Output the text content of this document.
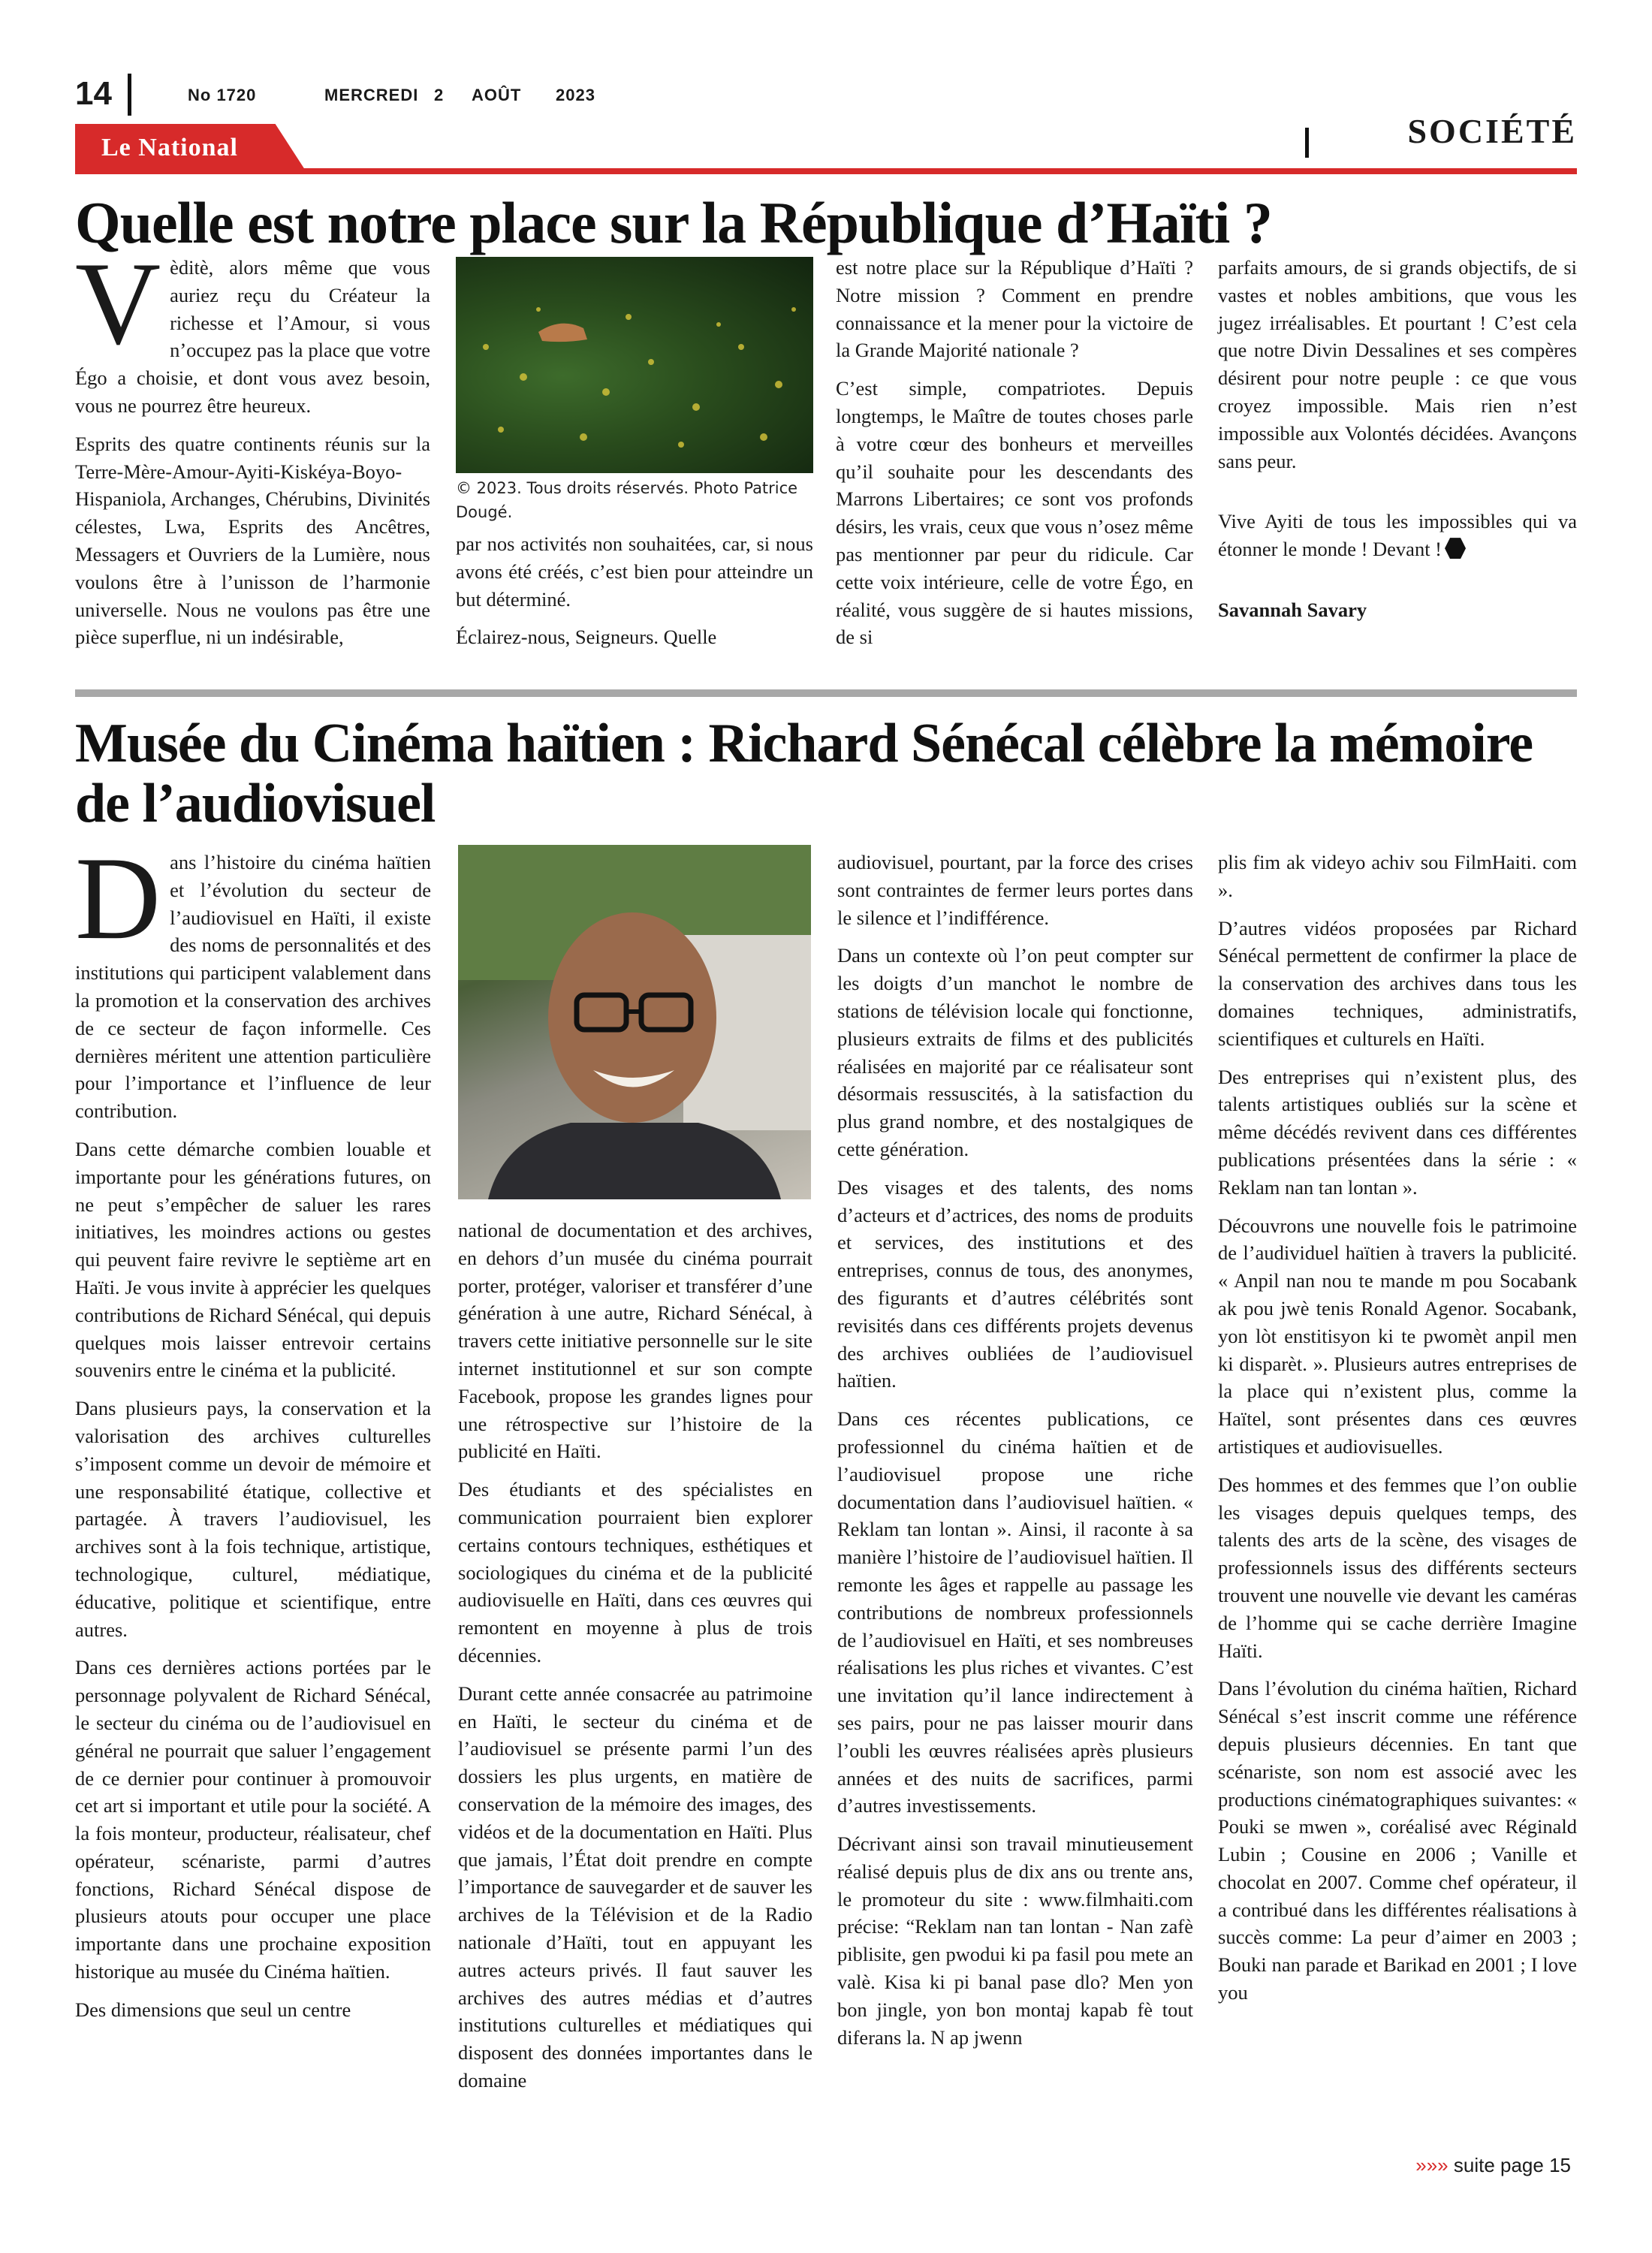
14	No 1720	MERCREDI 2 AOÛT 2023
SOCIÉTÉ
Le National
Quelle est notre place sur la République d’Haïti ?

Vèditè, alors même que vous auriez reçu du Créateur la richesse et l’Amour, si vous n’occupez pas la place que votre Égo a choisie, et dont vous avez besoin, vous ne pourrez être heureux.

Esprits des quatre continents réunis sur la Terre-Mère-Amour-Ayiti-Kiskéya-Boyo-Hispaniola, Archanges, Chérubins, Divinités célestes, Lwa, Esprits des Ancêtres, Messagers et Ouvriers de la Lumière, nous voulons être à l’unisson de l’harmonie universelle. Nous ne voulons pas être une pièce superflue, ni un indésirable,

© 2023. Tous droits réservés. Photo Patrice Dougé.

par nos activités non souhaitées, car, si nous avons été créés, c’est bien pour atteindre un but déterminé.

Éclairez-nous, Seigneurs. Quelle

est notre place sur la République d’Haïti ? Notre mission ? Comment en prendre connaissance et la mener pour la victoire de la Grande Majorité nationale ?

C’est simple, compatriotes. Depuis longtemps, le Maître de toutes choses parle à votre cœur des bonheurs et merveilles qu’il souhaite pour les descendants des Marrons Libertaires; ce sont vos profonds désirs, les vrais, ceux que vous n’osez même pas mentionner par peur du ridicule. Car cette voix intérieure, celle de votre Égo, en réalité, vous suggère de si hautes missions, de si

parfaits amours, de si grands objectifs, de si vastes et nobles ambitions, que vous les jugez irréalisables. Et pourtant ! C’est cela que notre Divin Dessalines et ses compères désirent pour notre peuple : ce que vous croyez impossible. Mais rien n’est impossible aux Volontés décidées. Avançons sans peur.

Vive Ayiti de tous les impossibles qui va étonner le monde ! Devant !

Savannah Savary

Musée du Cinéma haïtien : Richard Sénécal célèbre la mémoire de l’audiovisuel

Dans l’histoire du cinéma haïtien et l’évolution du secteur de l’audiovisuel en Haïti, il existe des noms de personnalités et des institutions qui participent valablement dans la promotion et la conservation des archives de ce secteur de façon informelle. Ces dernières méritent une attention particulière pour l’importance et l’influence de leur contribution.

Dans cette démarche combien louable et importante pour les générations futures, on ne peut s’empêcher de saluer les rares initiatives, les moindres actions ou gestes qui peuvent faire revivre le septième art en Haïti. Je vous invite à apprécier les quelques contributions de Richard Sénécal, qui depuis quelques mois laisser entrevoir certains souvenirs entre le cinéma et la publicité.

Dans plusieurs pays, la conservation et la valorisation des archives culturelles s’imposent comme un devoir de mémoire et une responsabilité étatique, collective et partagée. À travers l’audiovisuel, les archives sont à la fois technique, artistique, technologique, culturel, médiatique, éducative, politique et scientifique, entre autres.

Dans ces dernières actions portées par le personnage polyvalent de Richard Sénécal, le secteur du cinéma ou de l’audiovisuel en général ne pourrait que saluer l’engagement de ce dernier pour continuer à promouvoir cet art si important et utile pour la société. A la fois monteur, producteur, réalisateur, chef opérateur, scénariste, parmi d’autres fonctions, Richard Sénécal dispose de plusieurs atouts pour occuper une place importante dans une prochaine exposition historique au musée du Cinéma haïtien.

Des dimensions que seul un centre

national de documentation et des archives, en dehors d’un musée du cinéma pourrait porter, protéger, valoriser et transférer d’une génération à une autre, Richard Sénécal, à travers cette initiative personnelle sur le site internet institutionnel et sur son compte Facebook, propose les grandes lignes pour une rétrospective sur l’histoire de la publicité en Haïti.

Des étudiants et des spécialistes en communication pourraient bien explorer certains contours techniques, esthétiques et sociologiques du cinéma et de la publicité audiovisuelle en Haïti, dans ces œuvres qui remontent en moyenne à plus de trois décennies.

Durant cette année consacrée au patrimoine en Haïti, le secteur du cinéma et de l’audiovisuel se présente parmi l’un des dossiers les plus urgents, en matière de conservation de la mémoire des images, des vidéos et de la documentation en Haïti. Plus que jamais, l’État doit prendre en compte l’importance de sauvegarder et de sauver les archives de la Télévision et de la Radio nationale d’Haïti, tout en appuyant les autres acteurs privés. Il faut sauver les archives des autres médias et d’autres institutions culturelles et médiatiques qui disposent des données importantes dans le domaine

audiovisuel, pourtant, par la force des crises sont contraintes de fermer leurs portes dans le silence et l’indifférence.

Dans un contexte où l’on peut compter sur les doigts d’un manchot le nombre de stations de télévision locale qui fonctionne, plusieurs extraits de films et des publicités réalisées en majorité par ce réalisateur sont désormais ressuscités, à la satisfaction du plus grand nombre, et des nostalgiques de cette génération.

Des visages et des talents, des noms d’acteurs et d’actrices, des noms de produits et services, des institutions et des entreprises, connus de tous, des anonymes, des figurants et d’autres célébrités sont revisités dans ces différents projets devenus des archives oubliées de l’audiovisuel haïtien.

Dans ces récentes publications, ce professionnel du cinéma haïtien et de l’audiovisuel propose une riche documentation dans l’audiovisuel haïtien. « Reklam tan lontan ». Ainsi, il raconte à sa manière l’histoire de l’audiovisuel haïtien. Il remonte les âges et rappelle au passage les contributions de nombreux professionnels de l’audiovisuel en Haïti, et ses nombreuses réalisations les plus riches et vivantes. C’est une invitation qu’il lance indirectement à ses pairs, pour ne pas laisser mourir dans l’oubli les œuvres réalisées après plusieurs années et des nuits de sacrifices, parmi d’autres investissements.

Décrivant ainsi son travail minutieusement réalisé depuis plus de dix ans ou trente ans, le promoteur du site : www.filmhaiti.com précise: “Reklam nan tan lontan - Nan zafè piblisite, gen pwodui ki pa fasil pou mete an valè. Kisa ki pi banal pase dlo? Men yon bon jingle, yon bon montaj kapab fè tout diferans la. N ap jwenn

plis fim ak videyo achiv sou FilmHaiti. com ».

D’autres vidéos proposées par Richard Sénécal permettent de confirmer la place de la conservation des archives dans tous les domaines techniques, administratifs, scientifiques et culturels en Haïti.

Des entreprises qui n’existent plus, des talents artistiques oubliés sur la scène et même décédés revivent dans ces différentes publications présentées dans la série : « Reklam nan tan lontan ».

Découvrons une nouvelle fois le patrimoine de l’audividuel haïtien à travers la publicité. « Anpil nan nou te mande m pou Socabank ak pou jwè tenis Ronald Agenor. Socabank, yon lòt enstitisyon ki te pwomèt anpil men ki disparèt. ». Plusieurs autres entreprises de la place qui n’existent plus, comme la Haïtel, sont présentes dans ces œuvres artistiques et audiovisuelles.

Des hommes et des femmes que l’on oublie les visages depuis quelques temps, des talents des arts de la scène, des visages de professionnels issus des différents secteurs trouvent une nouvelle vie devant les caméras de l’homme qui se cache derrière Imagine Haïti.

Dans l’évolution du cinéma haïtien, Richard Sénécal s’est inscrit comme une référence depuis plusieurs décennies. En tant que scénariste, son nom est associé avec les productions cinématographiques suivantes: « Pouki se mwen », coréalisé avec Réginald Lubin ; Cousine en 2006 ; Vanille et chocolat en 2007. Comme chef opérateur, il a contribué dans les différentes réalisations à succès comme: La peur d’aimer en 2003 ; Bouki nan parade et Barikad en 2001 ; I love you

»»» suite page 15
